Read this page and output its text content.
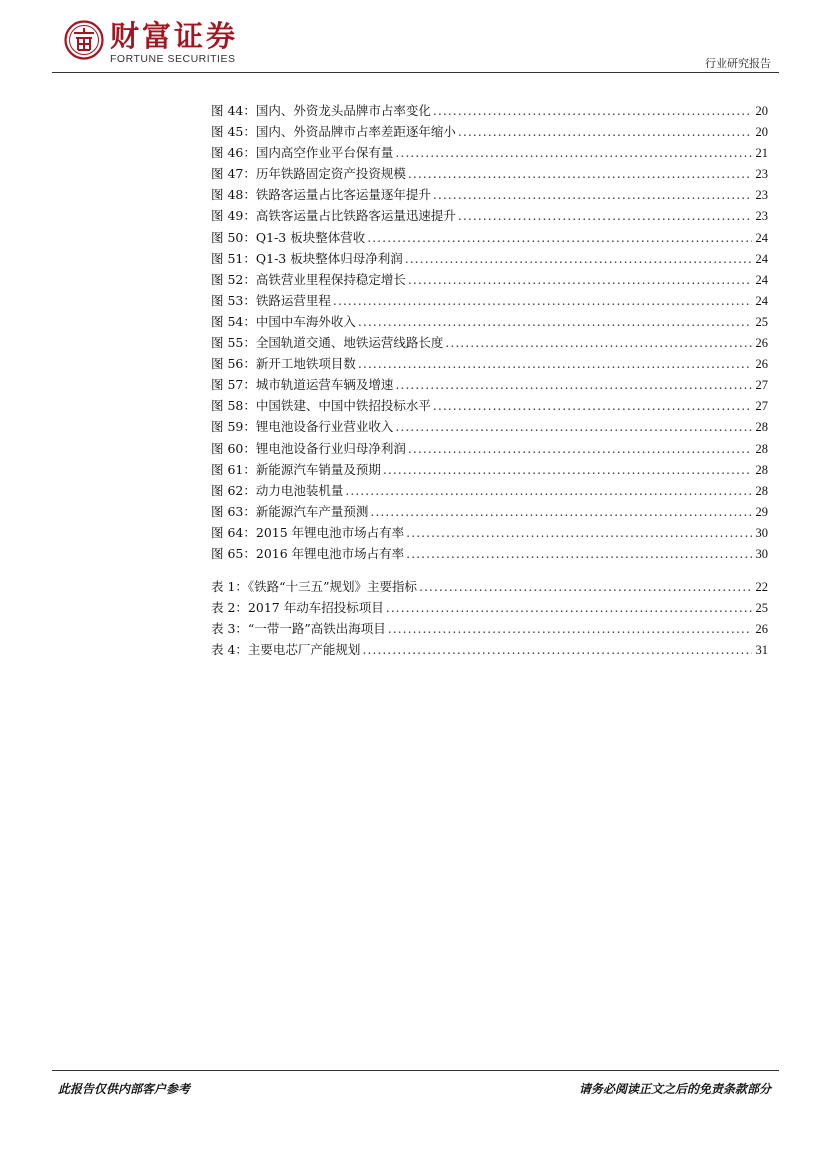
财富证券
FORTUNE SECURITIES	行业研究报告
图 44：国内、外资龙头品牌市占率变化 .....	20
图 45：国内、外资品牌市占率差距逐年缩小 .....	20
图 46：国内高空作业平台保有量 .....	21
图 47：历年铁路固定资产投资规模 .....	23
图 48：铁路客运量占比客运量逐年提升 .....	23
图 49：高铁客运量占比铁路客运量迅速提升 .....	23
图 50：Q1-3 板块整体营收 .....	24
图 51：Q1-3 板块整体归母净利润 .....	24
图 52：高铁营业里程保持稳定增长 .....	24
图 53：铁路运营里程 .....	24
图 54：中国中车海外收入 .....	25
图 55：全国轨道交通、地铁运营线路长度 .....	26
图 56：新开工地铁项目数 .....	26
图 57：城市轨道运营车辆及增速 .....	27
图 58：中国铁建、中国中铁招投标水平 .....	27
图 59：锂电池设备行业营业收入 .....	28
图 60：锂电池设备行业归母净利润 .....	28
图 61：新能源汽车销量及预期 .....	28
图 62：动力电池装机量 .....	28
图 63：新能源汽车产量预测 .....	29
图 64：2015 年锂电池市场占有率 .....	30
图 65：2016 年锂电池市场占有率 .....	30
表 1：《铁路“十三五”规划》主要指标 .....	22
表 2：2017 年动车招投标项目 .....	25
表 3：“一带一路”高铁出海项目 .....	26
表 4：主要电芯厂产能规划 .....	31
此报告仅供内部客户参考	请务必阅读正文之后的免责条款部分
